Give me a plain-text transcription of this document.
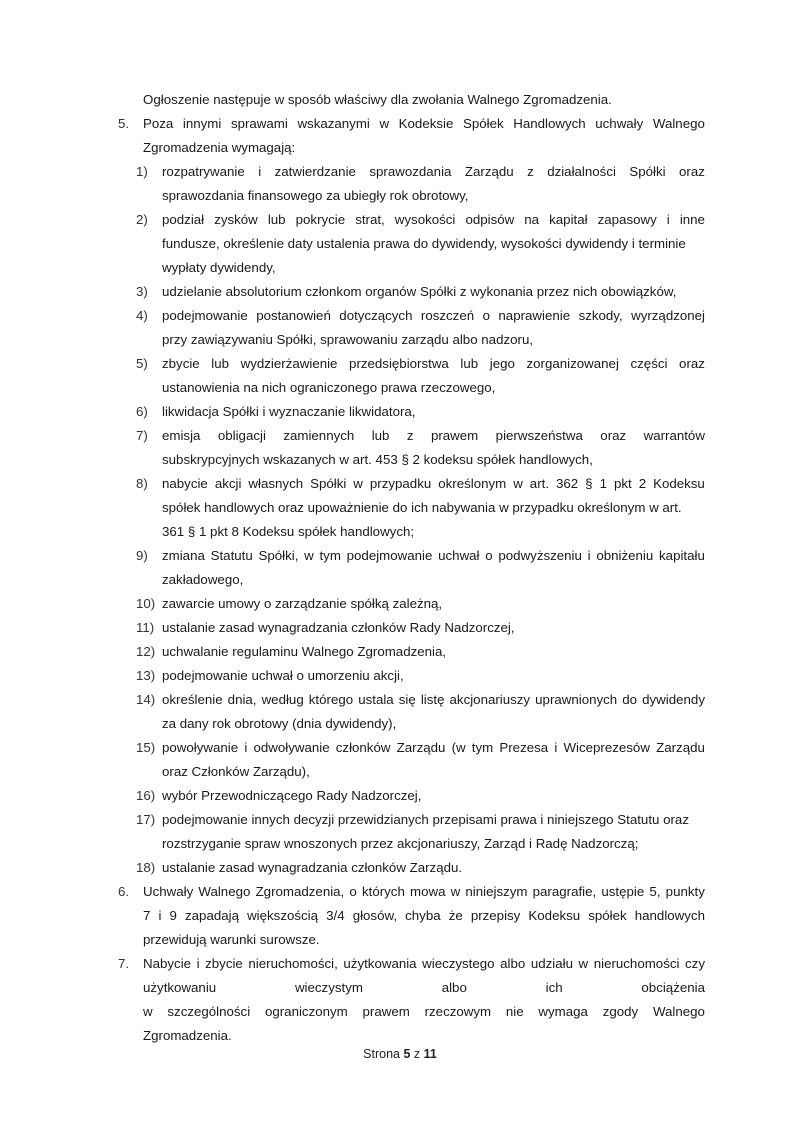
Ogłoszenie następuje w sposób właściwy dla zwołania Walnego Zgromadzenia.
5. Poza innymi sprawami wskazanymi w Kodeksie Spółek Handlowych uchwały Walnego
Zgromadzenia wymagają:
1) rozpatrywanie i zatwierdzanie sprawozdania Zarządu z działalności Spółki oraz
sprawozdania finansowego za ubiegły rok obrotowy,
2) podział zysków lub pokrycie strat, wysokości odpisów na kapitał zapasowy i inne
fundusze, określenie daty ustalenia prawa do dywidendy, wysokości dywidendy i terminie
wypłaty dywidendy,
3) udzielanie absolutorium członkom organów Spółki z wykonania przez nich obowiązków,
4) podejmowanie postanowień dotyczących roszczeń o naprawienie szkody, wyrządzonej
przy zawiązywaniu Spółki, sprawowaniu zarządu albo nadzoru,
5) zbycie lub wydzierżawienie przedsiębiorstwa lub jego zorganizowanej części oraz
ustanowienia na nich ograniczonego prawa rzeczowego,
6) likwidacja Spółki i wyznaczanie likwidatora,
7) emisja obligacji zamiennych lub z prawem pierwszeństwa oraz warrantów
subskrypcyjnych wskazanych w art. 453 § 2 kodeksu spółek handlowych,
8) nabycie akcji własnych Spółki w przypadku określonym w art. 362 § 1 pkt 2 Kodeksu
spółek handlowych oraz upoważnienie do ich nabywania w przypadku określonym w art.
361 § 1 pkt 8 Kodeksu spółek handlowych;
9) zmiana Statutu Spółki, w tym podejmowanie uchwał o podwyższeniu i obniżeniu kapitału
zakładowego,
10) zawarcie umowy o zarządzanie spółką zależną,
11) ustalanie zasad wynagradzania członków Rady Nadzorczej,
12) uchwalanie regulaminu Walnego Zgromadzenia,
13) podejmowanie uchwał o umorzeniu akcji,
14) określenie dnia, według którego ustala się listę akcjonariuszy uprawnionych do dywidendy
za dany rok obrotowy (dnia dywidendy),
15) powoływanie i odwoływanie członków Zarządu (w tym Prezesa i Wiceprezesów Zarządu
oraz Członków Zarządu),
16) wybór Przewodniczącego Rady Nadzorczej,
17) podejmowanie innych decyzji przewidzianych przepisami prawa i niniejszego Statutu oraz
rozstrzyganie spraw wnoszonych przez akcjonariuszy, Zarząd i Radę Nadzorczą;
18) ustalanie zasad wynagradzania członków Zarządu.
6. Uchwały Walnego Zgromadzenia, o których mowa w niniejszym paragrafie, ustępie 5, punkty
7 i 9 zapadają większością 3/4 głosów, chyba że przepisy Kodeksu spółek handlowych
przewidują warunki surowsze.
7. Nabycie i zbycie nieruchomości, użytkowania wieczystego albo udziału w nieruchomości czy
użytkowaniu	wieczystym	albo	ich	obciążenia
w szczególności ograniczonym prawem rzeczowym nie wymaga zgody Walnego
Zgromadzenia.
Strona 5 z 11
